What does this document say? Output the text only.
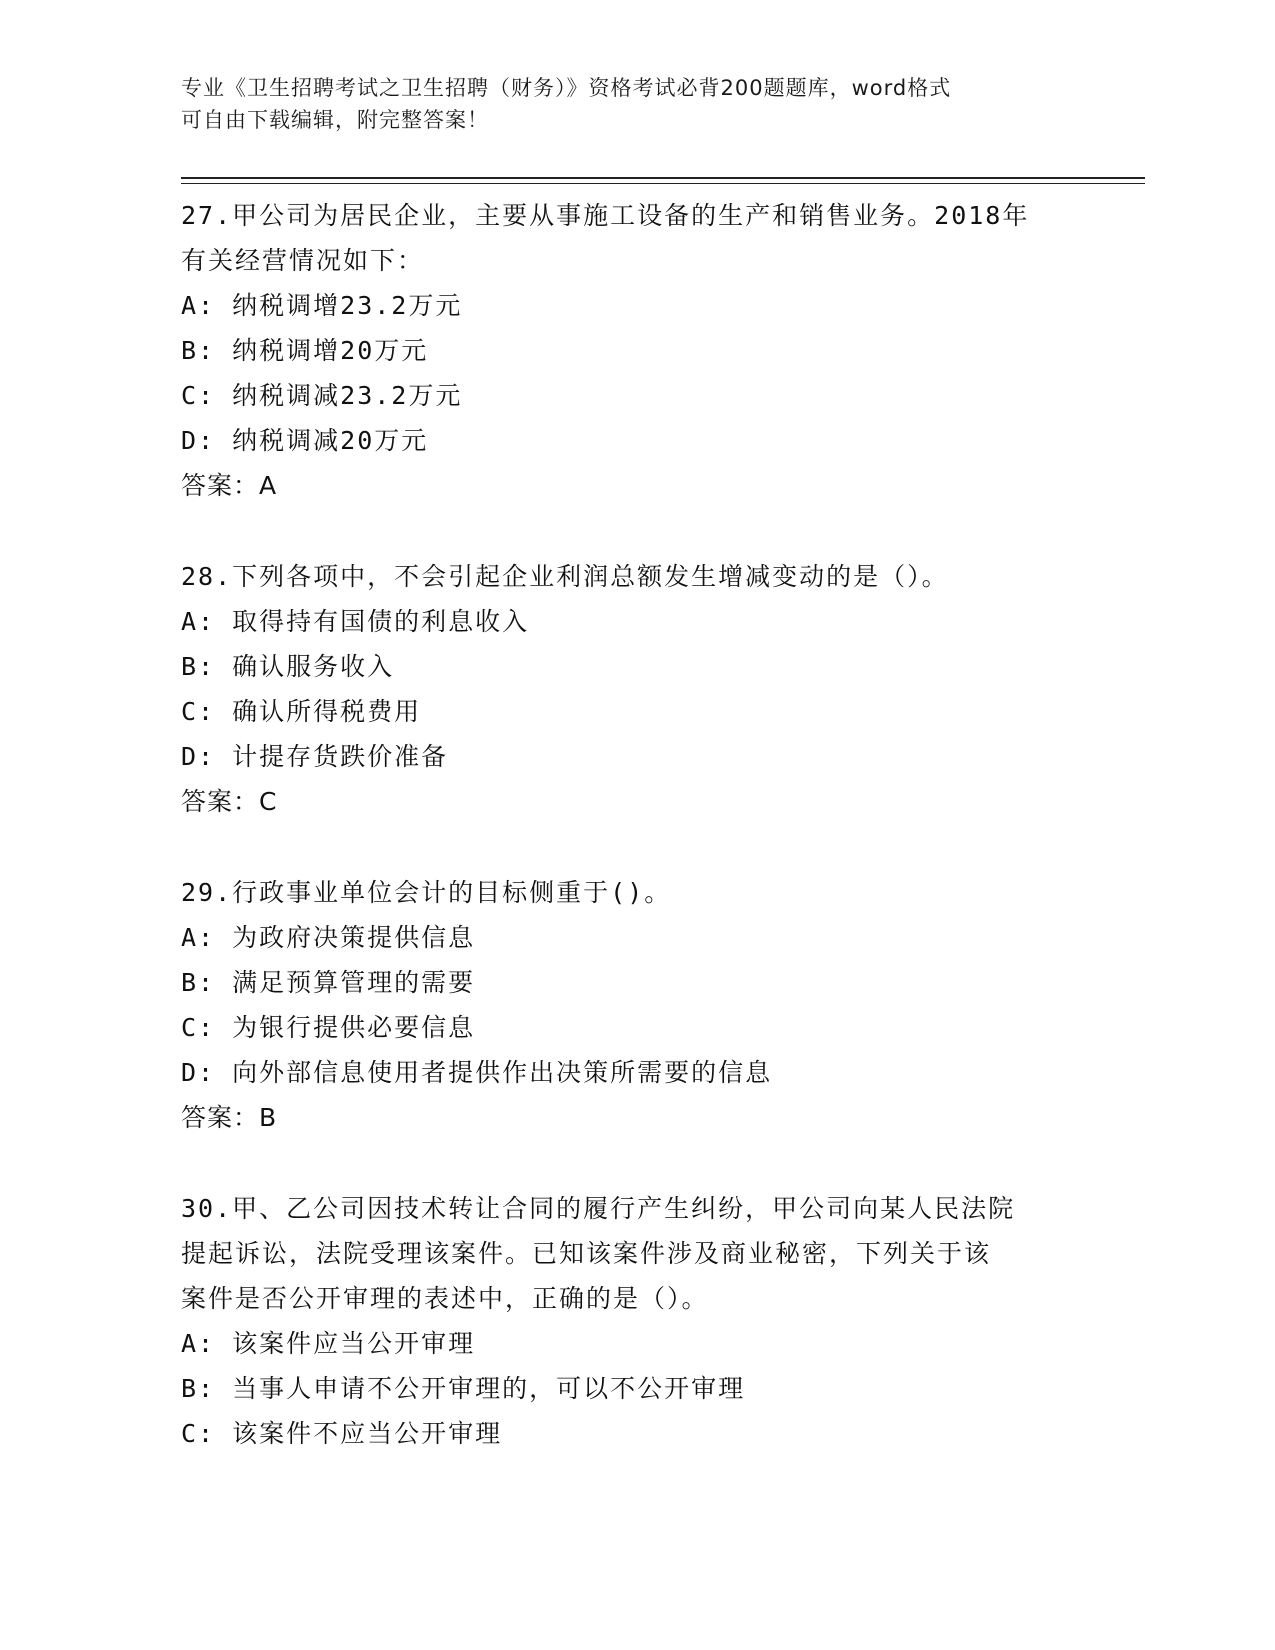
专业《卫生招聘考试之卫生招聘（财务）》资格考试必背200题题库，word格式
可自由下载编辑，附完整答案！
27.甲公司为居民企业，主要从事施工设备的生产和销售业务。2018年
有关经营情况如下：
A: 纳税调增23.2万元
B: 纳税调增20万元
C: 纳税调减23.2万元
D: 纳税调减20万元
答案：A
28.下列各项中，不会引起企业利润总额发生增减变动的是（）。
A: 取得持有国债的利息收入
B: 确认服务收入
C: 确认所得税费用
D: 计提存货跌价准备
答案：C
29.行政事业单位会计的目标侧重于()。
A: 为政府决策提供信息
B: 满足预算管理的需要
C: 为银行提供必要信息
D: 向外部信息使用者提供作出决策所需要的信息
答案：B
30.甲、乙公司因技术转让合同的履行产生纠纷，甲公司向某人民法院
提起诉讼，法院受理该案件。已知该案件涉及商业秘密，下列关于该
案件是否公开审理的表述中，正确的是（）。
A: 该案件应当公开审理
B: 当事人申请不公开审理的，可以不公开审理
C: 该案件不应当公开审理
